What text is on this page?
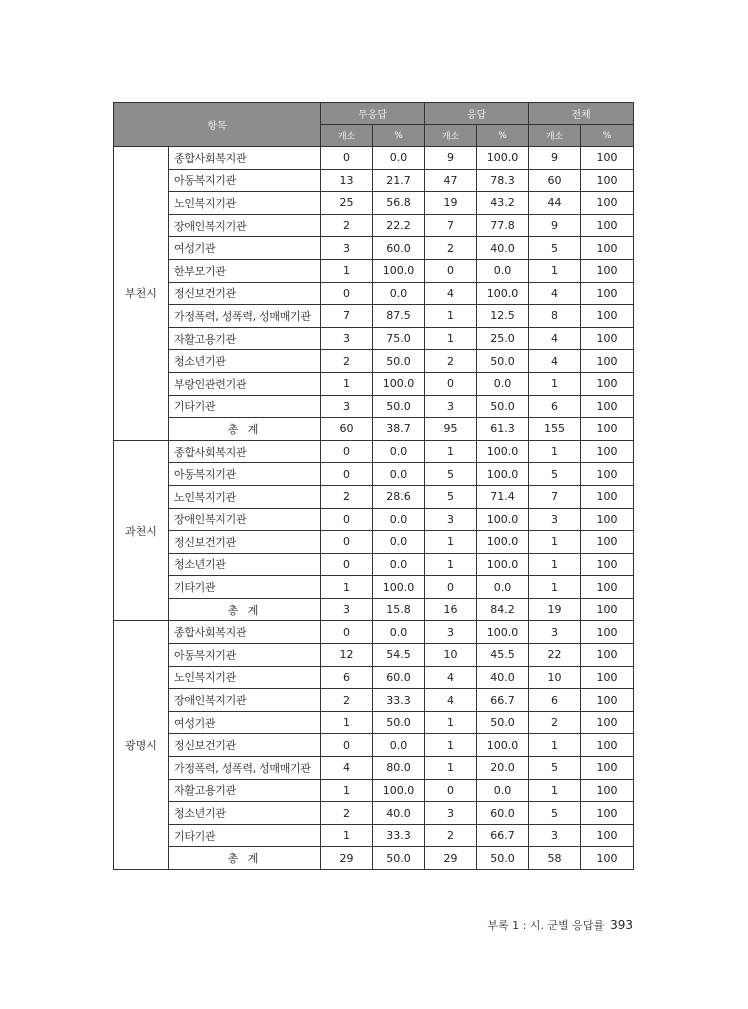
항목		무응답		응답		전체	
		개소	%	개소	%	개소	%
부천시	종합사회복지관	0	0.0	9	100.0	9	100
	아동복지기관	13	21.7	47	78.3	60	100
	노인복지기관	25	56.8	19	43.2	44	100
	장애인복지기관	2	22.2	7	77.8	9	100
	여성기관	3	60.0	2	40.0	5	100
	한부모기관	1	100.0	0	0.0	1	100
	정신보건기관	0	0.0	4	100.0	4	100
	가정폭력, 성폭력, 성매매기관	7	87.5	1	12.5	8	100
	자활고용기관	3	75.0	1	25.0	4	100
	청소년기관	2	50.0	2	50.0	4	100
	부랑인관련기관	1	100.0	0	0.0	1	100
	기타기관	3	50.0	3	50.0	6	100
	총 계	60	38.7	95	61.3	155	100
과천시	종합사회복지관	0	0.0	1	100.0	1	100
	아동복지기관	0	0.0	5	100.0	5	100
	노인복지기관	2	28.6	5	71.4	7	100
	장애인복지기관	0	0.0	3	100.0	3	100
	정신보건기관	0	0.0	1	100.0	1	100
	청소년기관	0	0.0	1	100.0	1	100
	기타기관	1	100.0	0	0.0	1	100
	총 계	3	15.8	16	84.2	19	100
광명시	종합사회복지관	0	0.0	3	100.0	3	100
	아동복지기관	12	54.5	10	45.5	22	100
	노인복지기관	6	60.0	4	40.0	10	100
	장애인복지기관	2	33.3	4	66.7	6	100
	여성기관	1	50.0	1	50.0	2	100
	정신보건기관	0	0.0	1	100.0	1	100
	가정폭력, 성폭력, 성매매기관	4	80.0	1	20.0	5	100
	자활고용기관	1	100.0	0	0.0	1	100
	청소년기관	2	40.0	3	60.0	5	100
	기타기관	1	33.3	2	66.7	3	100
	총 계	29	50.0	29	50.0	58	100
부록 1 : 시. 군별 응답률 393
